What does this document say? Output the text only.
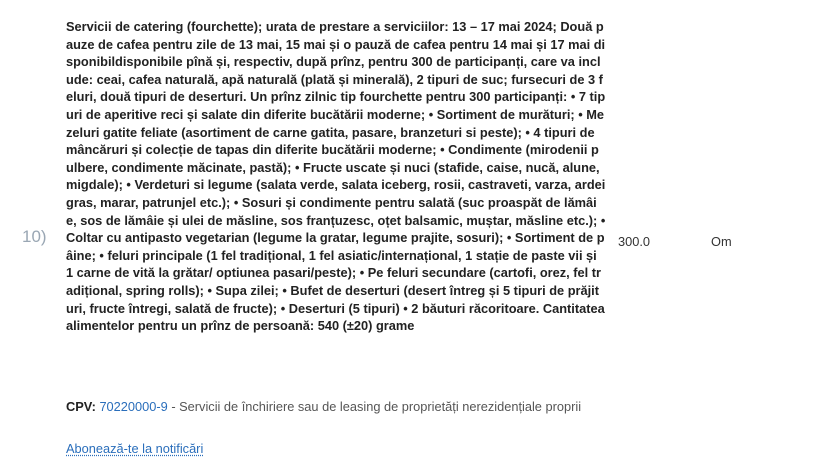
10)
Servicii de catering (fourchette); urata de prestare a serviciilor: 13 – 17 mai 2024; Două pauze de cafea pentru zile de 13 mai, 15 mai și o pauză de cafea pentru 14 mai și 17 mai disponibildisponibile pînă și, respectiv, după prînz, pentru 300 de participanți, care va include: ceai, cafea naturală, apă naturală (plată și minerală), 2 tipuri de suc; fursecuri de 3 feluri, două tipuri de deserturi. Un prînz zilnic tip fourchette pentru 300 participanți: • 7 tipuri de aperitive reci și salate din diferite bucătării moderne; • Sortiment de murături; • Mezeluri gatite feliate (asortiment de carne gatita, pasare, branzeturi si peste); • 4 tipuri de mâncăruri și colecție de tapas din diferite bucătării moderne; • Condimente (mirodenii pulbere, condimente măcinate, pastă); • Fructe uscate și nuci (stafide, caise, nucă, alune, migdale); • Verdeturi si legume (salata verde, salata iceberg, rosii, castraveti, varza, ardei gras, marar, patrunjel etc.); • Sosuri și condimente pentru salată (suc proaspăt de lămâie, sos de lămâie și ulei de măsline, sos franțuzesc, oțet balsamic, muștar, măsline etc.); • Coltar cu antipasto vegetarian (legume la gratar, legume prajite, sosuri); • Sortiment de pâine; • feluri principale (1 fel tradițional, 1 fel asiatic/internațional, 1 stație de paste vii și 1 carne de vită la grătar/ optiunea pasari/peste); • Pe feluri secundare (cartofi, orez, fel tradițional, spring rolls); • Supa zilei; • Bufet de deserturi (desert întreg și 5 tipuri de prăjituri, fructe întregi, salată de fructe); • Deserturi (5 tipuri) • 2 băuturi răcoritoare. Cantitatea alimentelor pentru un prînz de persoană: 540 (±20) grame
300.0	Om
CPV: 70220000-9 - Servicii de închiriere sau de leasing de proprietăți nerezidențiale proprii
Abonează-te la notificări
